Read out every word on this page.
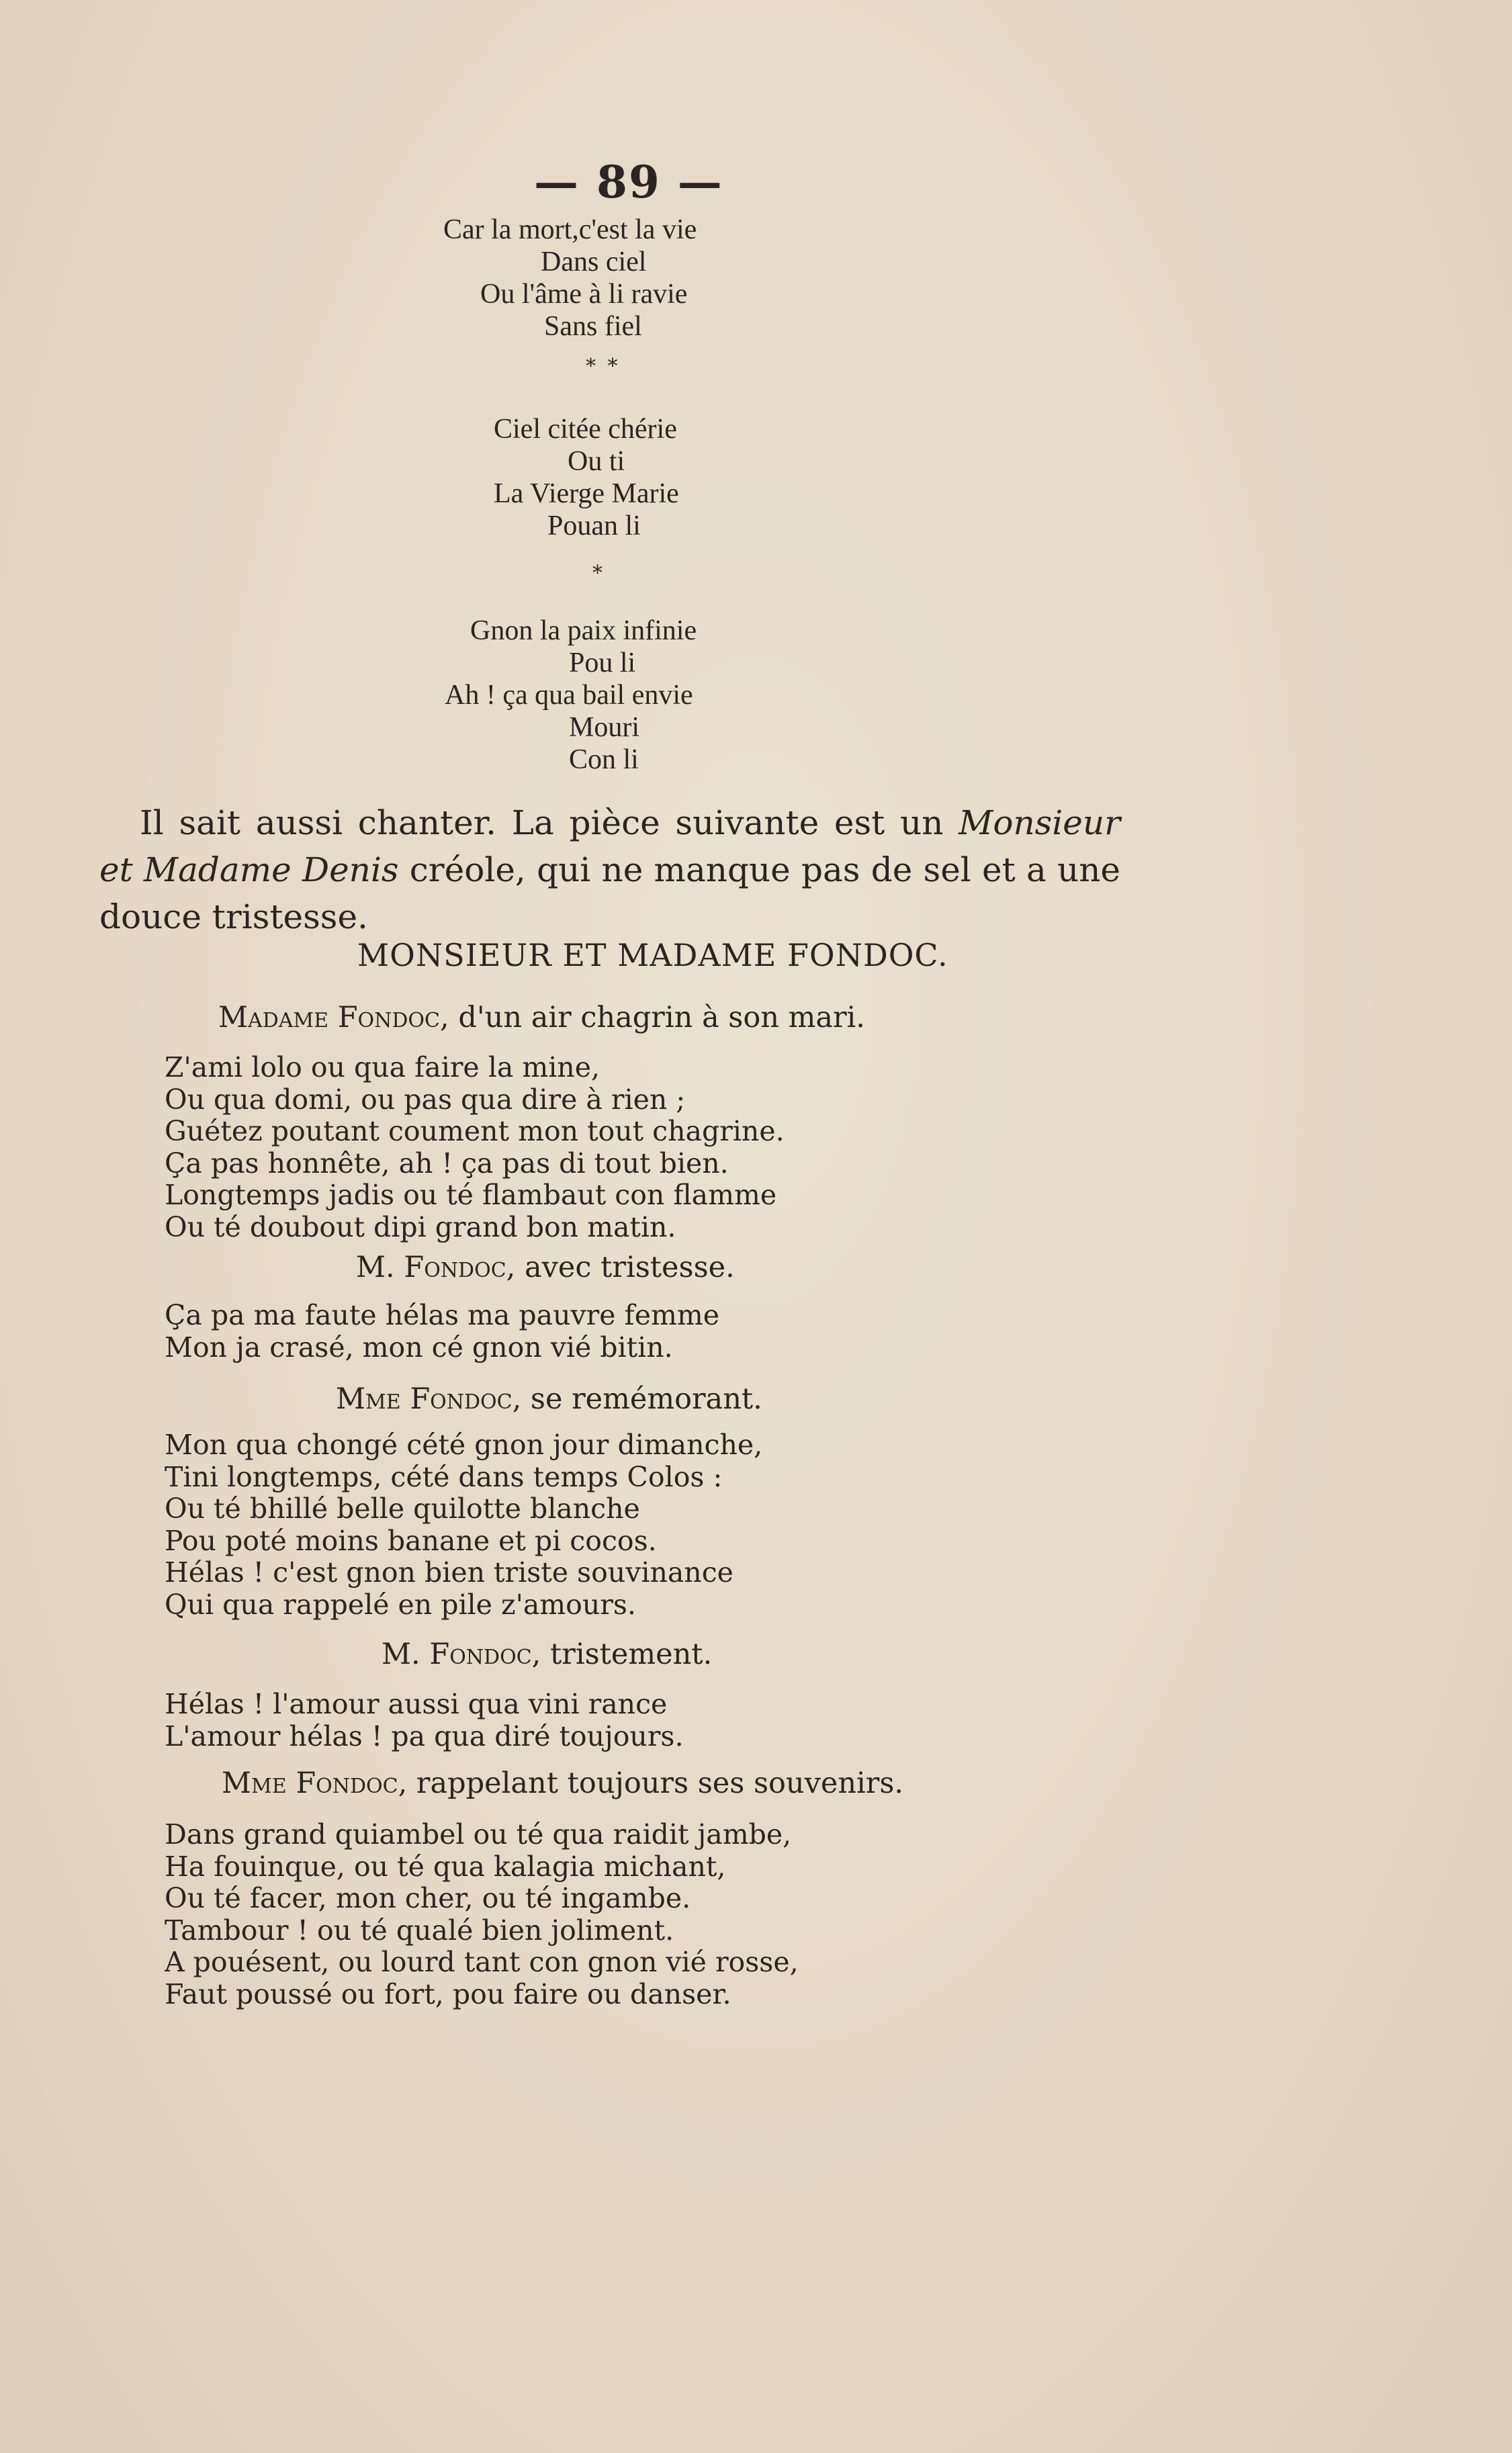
— 89 —
Car la mort,c'est la vie
Dans ciel
Ou l'âme à li ravie
Sans fiel
* *
Ciel citée chérie
Ou ti
La Vierge Marie
Pouan li
*
Gnon la paix infinie
Pou li
Ah ! ça qua bail envie
Mouri
Con li
Il sait aussi chanter. La pièce suivante est un Monsieur et Madame Denis créole, qui ne manque pas de sel et a une douce tristesse.
MONSIEUR ET MADAME FONDOC.
Madame Fondoc, d'un air chagrin à son mari.
Z'ami lolo ou qua faire la mine,
Ou qua domi, ou pas qua dire à rien ;
Guétez poutant coument mon tout chagrine.
Ça pas honnête, ah ! ça pas di tout bien.
Longtemps jadis ou té flambaut con flamme
Ou té doubout dipi grand bon matin.
M. Fondoc, avec tristesse.
Ça pa ma faute hélas ma pauvre femme
Mon ja crasé, mon cé gnon vié bitin.
Mme Fondoc, se remémorant.
Mon qua chongé cété gnon jour dimanche,
Tini longtemps, cété dans temps Colos :
Ou té bhillé belle quilotte blanche
Pou poté moins banane et pi cocos.
Hélas ! c'est gnon bien triste souvinance
Qui qua rappelé en pile z'amours.
M. Fondoc, tristement.
Hélas ! l'amour aussi qua vini rance
L'amour hélas ! pa qua diré toujours.
Mme Fondoc, rappelant toujours ses souvenirs.
Dans grand quiambel ou té qua raidit jambe,
Ha fouinque, ou té qua kalagia michant,
Ou té facer, mon cher, ou té ingambe.
Tambour ! ou té qualé bien joliment.
A pouésent, ou lourd tant con gnon vié rosse,
Faut poussé ou fort, pou faire ou danser.
